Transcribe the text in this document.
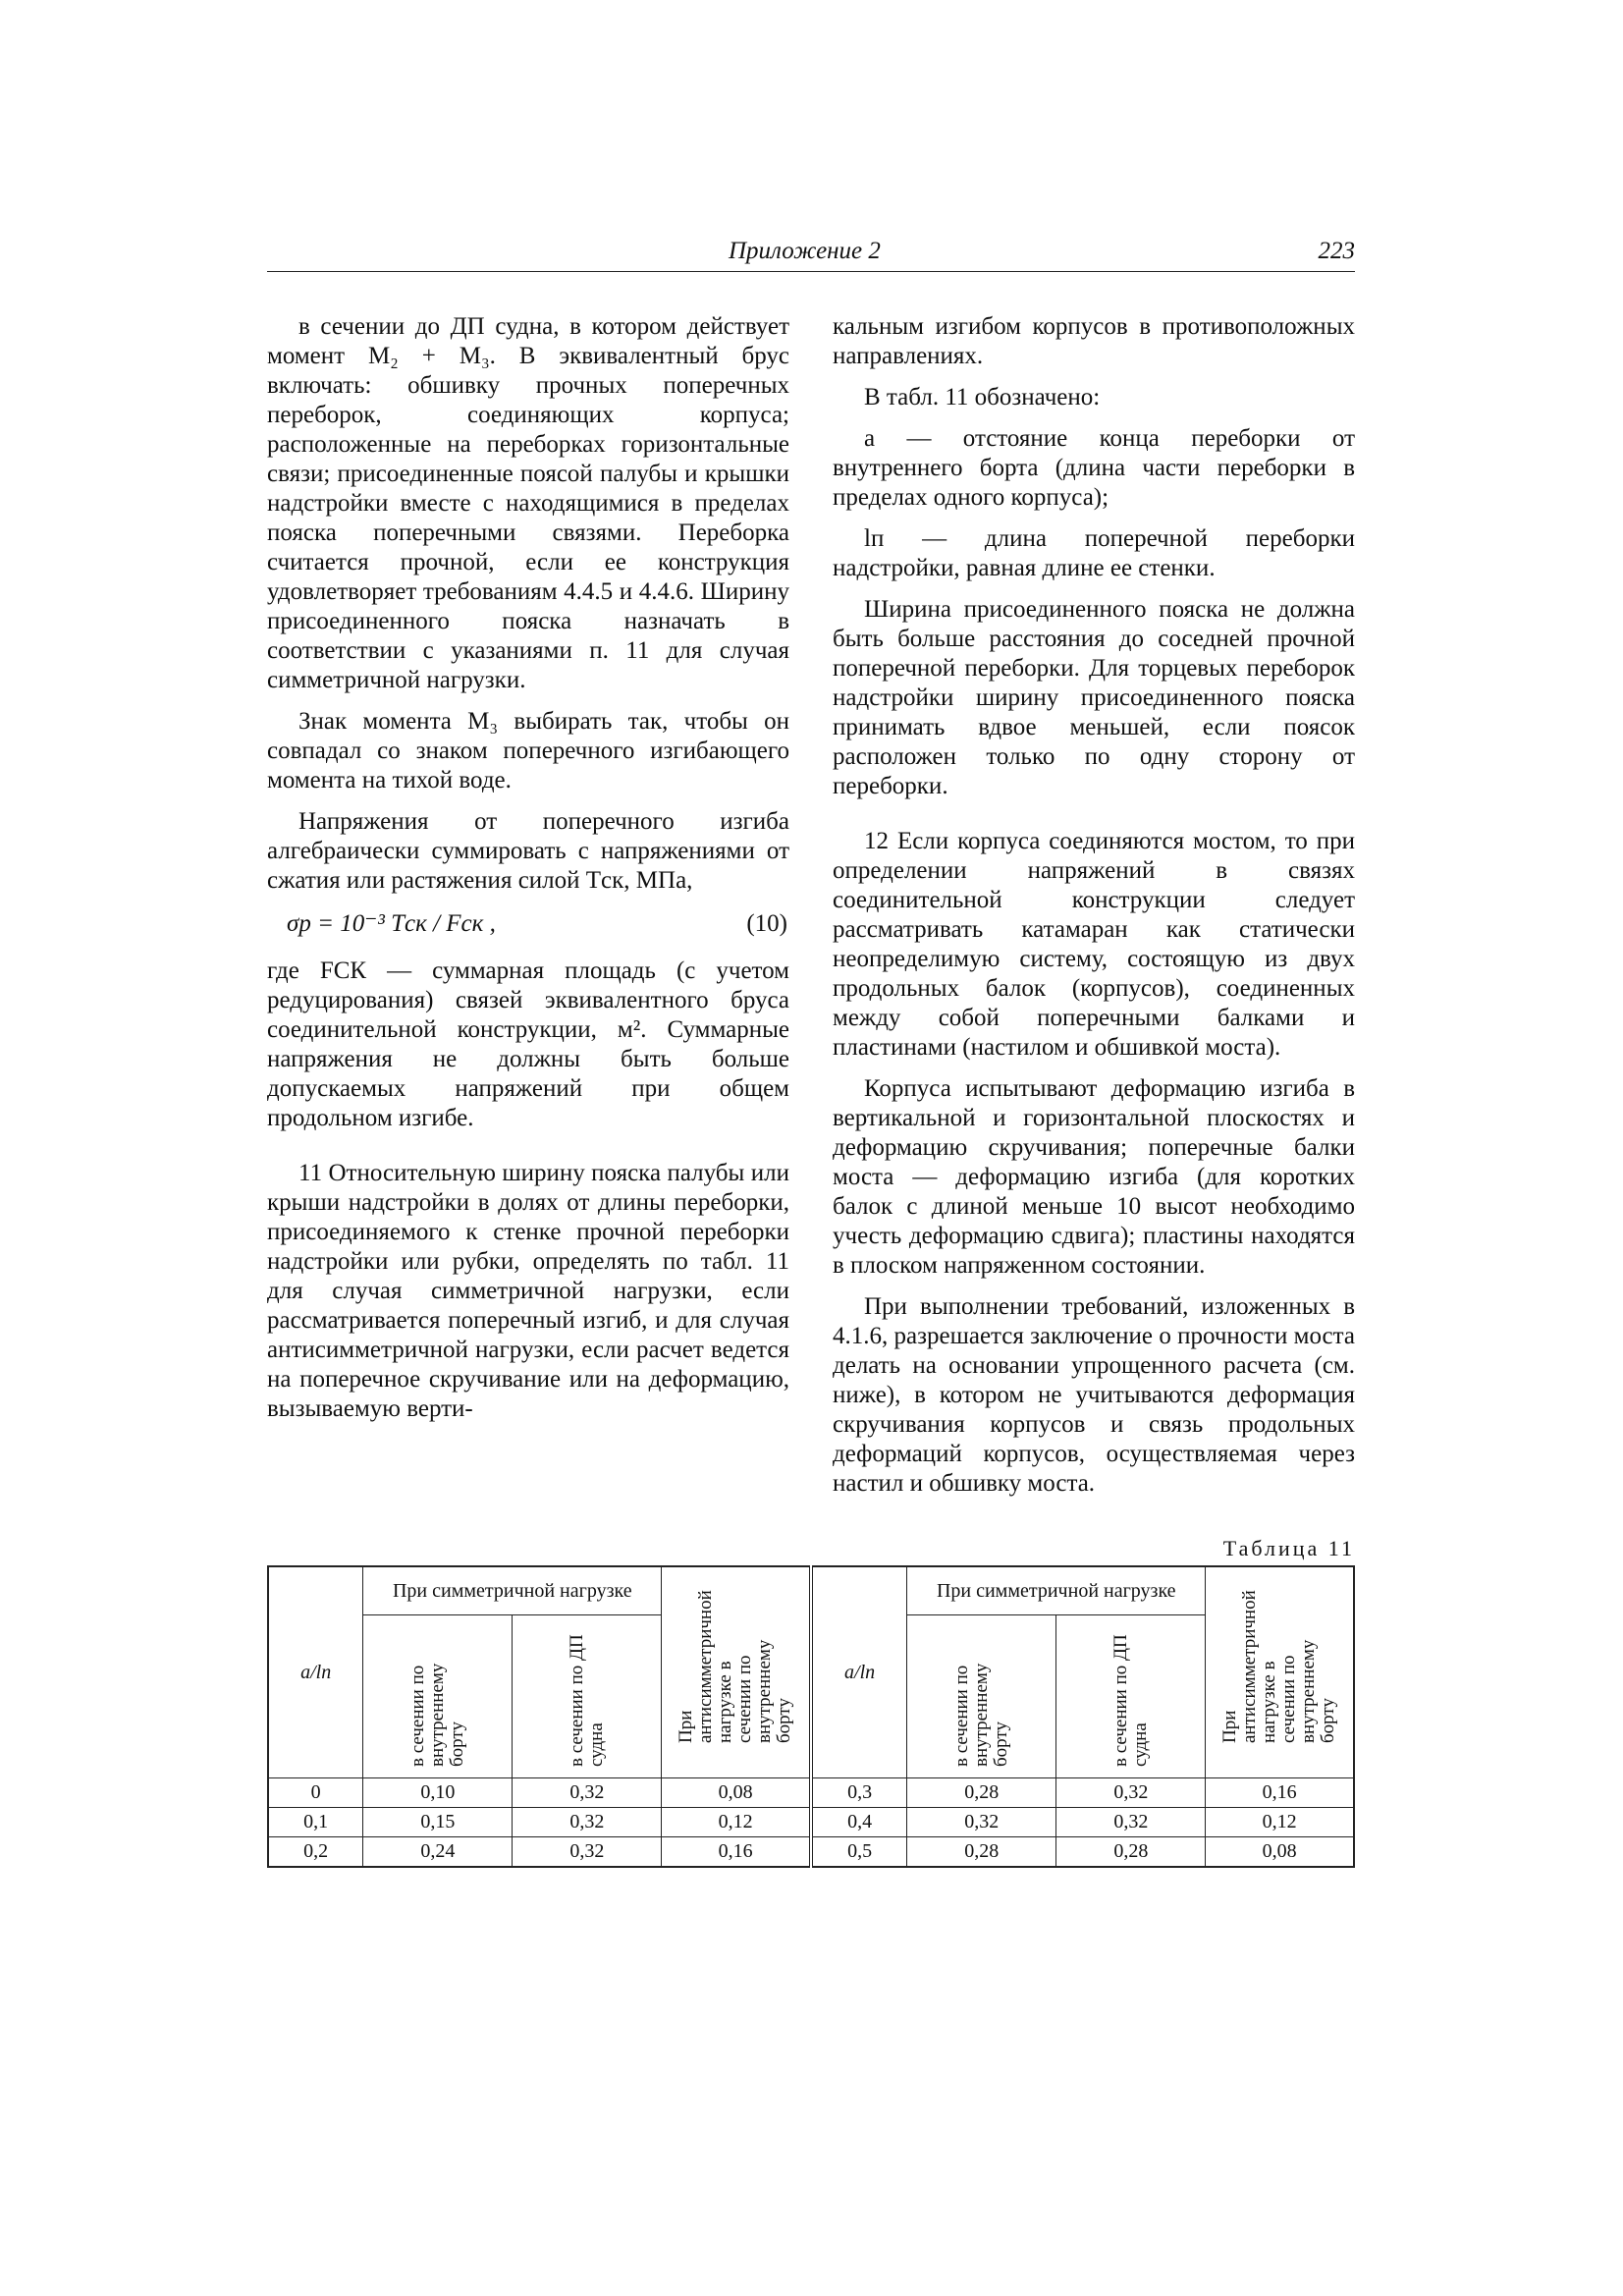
Приложение 2	223

в сечении до ДП судна, в котором действует момент M₂ + M₃. В эквивалентный брус включать: обшивку прочных поперечных переборок, соединяющих корпуса; расположенные на переборках горизонтальные связи; присоединенные поясой палубы и крышки надстройки вместе с находящимися в пределах пояска поперечными связями. Переборка считается прочной, если ее конструкция удовлетворяет требованиям 4.4.5 и 4.4.6. Ширину присоединенного пояска назначать в соответствии с указаниями п. 11 для случая симметричной нагрузки.

Знак момента M₃ выбирать так, чтобы он совпадал со знаком поперечного изгибающего момента на тихой воде.

Напряжения от поперечного изгиба алгебраически суммировать с напряжениями от сжатия или растяжения силой Tск, МПа,

σр = 10⁻³ Tск / Fск ,	(10)

где FСК — суммарная площадь (с учетом редуцирования) связей эквивалентного бруса соединительной конструкции, м². Суммарные напряжения не должны быть больше допускаемых напряжений при общем продольном изгибе.

11 Относительную ширину пояска палубы или крыши надстройки в долях от длины переборки, присоединяемого к стенке прочной переборки надстройки или рубки, определять по табл. 11 для случая симметричной нагрузки, если рассматривается поперечный изгиб, и для случая антисимметричной нагрузки, если расчет ведется на поперечное скручивание или на деформацию, вызываемую верти-

кальным изгибом корпусов в противоположных направлениях.

В табл. 11 обозначено:

a — отстояние конца переборки от внутреннего борта (длина части переборки в пределах одного корпуса);

lп — длина поперечной переборки надстройки, равная длине ее стенки.

Ширина присоединенного пояска не должна быть больше расстояния до соседней прочной поперечной переборки. Для торцевых переборок надстройки ширину присоединенного пояска принимать вдвое меньшей, если поясок расположен только по одну сторону от переборки.

12 Если корпуса соединяются мостом, то при определении напряжений в связях соединительной конструкции следует рассматривать катамаран как статически неопределимую систему, состоящую из двух продольных балок (корпусов), соединенных между собой поперечными балками и пластинами (настилом и обшивкой моста).

Корпуса испытывают деформацию изгиба в вертикальной и горизонтальной плоскостях и деформацию скручивания; поперечные балки моста — деформацию изгиба (для коротких балок с длиной меньше 10 высот необходимо учесть деформацию сдвига); пластины находятся в плоском напряженном состоянии.

При выполнении требований, изложенных в 4.1.6, разрешается заключение о прочности моста делать на основании упрощенного расчета (см. ниже), в котором не учитываются деформация скручивания корпусов и связь продольных деформаций корпусов, осуществляемая через настил и обшивку моста.

Таблица 11
a/lп	При симметричной нагрузке		При антисимметричной нагрузке в сечении по внутреннему борту	a/lп	При симметричной нагрузке		При антисимметричной нагрузке в сечении по внутреннему борту
	в сечении по внутреннему борту	в сечении по ДП судна			в сечении по внутреннему борту	в сечении по ДП судна	
0	0,10	0,32	0,08	0,3	0,28	0,32	0,16
0,1	0,15	0,32	0,12	0,4	0,32	0,32	0,12
0,2	0,24	0,32	0,16	0,5	0,28	0,28	0,08
